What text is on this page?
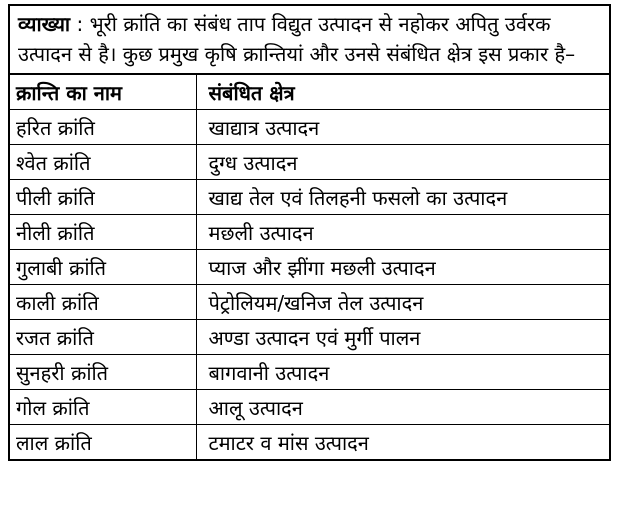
व्याख्या : भूरी क्रांति का संबंध ताप विद्युत उत्पादन से नहोकर अपितु उर्वरक उत्पादन से है। कुछ प्रमुख कृषि क्रान्तियां और उनसे संबंधित क्षेत्र इस प्रकार है–
क्रान्ति का नाम	संबंधित क्षेत्र
हरित क्रांति	खाद्यात्र उत्पादन
श्वेत क्रांति	दुग्ध उत्पादन
पीली क्रांति	खाद्य तेल एवं तिलहनी फसलो का उत्पादन
नीली क्रांति	मछली उत्पादन
गुलाबी क्रांति	प्याज और झींगा मछली उत्पादन
काली क्रांति	पेट्रोलियम/खनिज तेल उत्पादन
रजत क्रांति	अण्डा उत्पादन एवं मुर्गी पालन
सुनहरी क्रांति	बागवानी उत्पादन
गोल क्रांति	आलू उत्पादन
लाल क्रांति	टमाटर व मांस उत्पादन
